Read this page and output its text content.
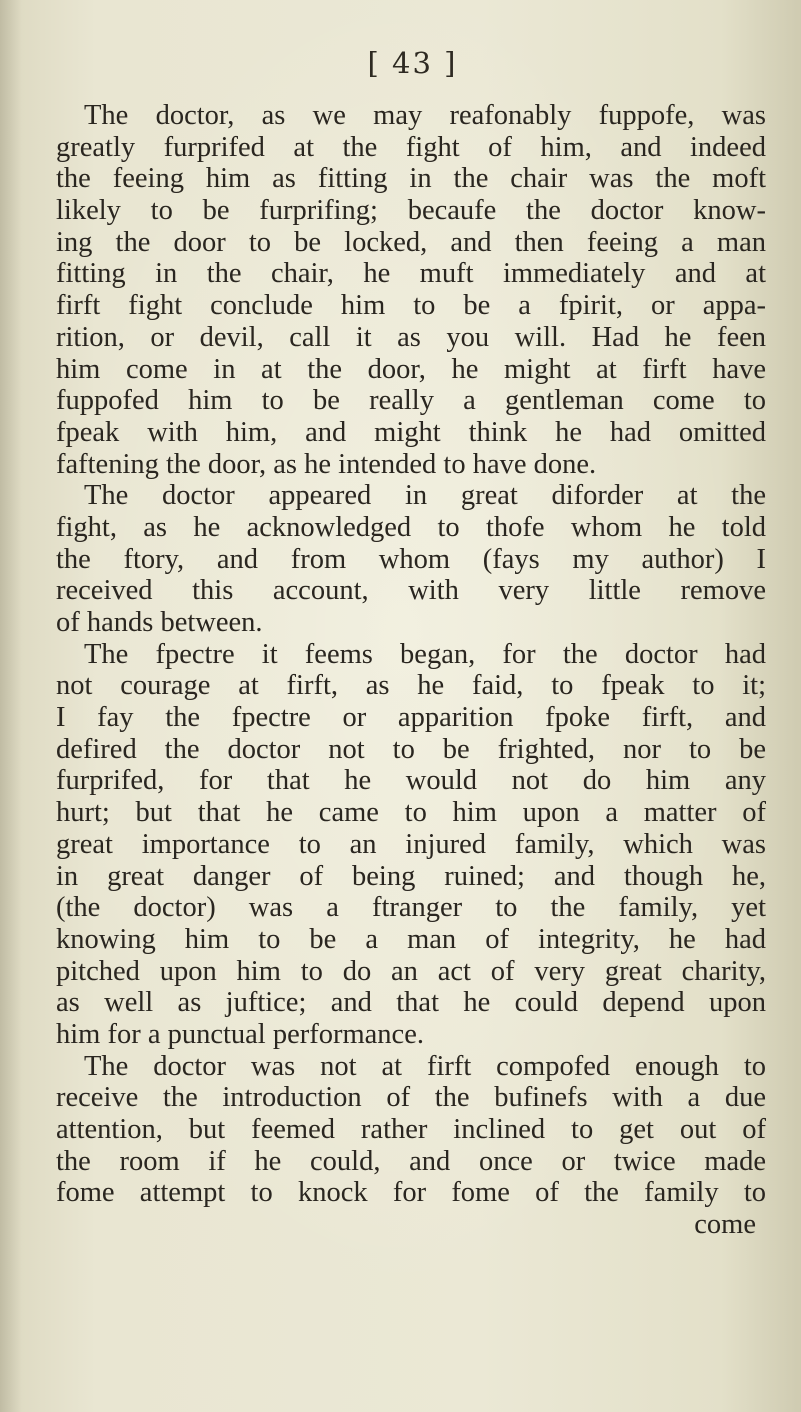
[ 43 ]

The doctor, as we may reafonably fuppofe, was
greatly furprifed at the fight of him, and indeed
the feeing him as fitting in the chair was the moft
likely to be furprifing; becaufe the doctor know-
ing the door to be locked, and then feeing a man
fitting in the chair, he muft immediately and at
firft fight conclude him to be a fpirit, or appa-
rition, or devil, call it as you will. Had he feen
him come in at the door, he might at firft have
fuppofed him to be really a gentleman come to
fpeak with him, and might think he had omitted
faftening the door, as he intended to have done.
The doctor appeared in great diforder at the
fight, as he acknowledged to thofe whom he told
the ftory, and from whom (fays my author) I
received this account, with very little remove
of hands between.
The fpectre it feems began, for the doctor had
not courage at firft, as he faid, to fpeak to it;
I fay the fpectre or apparition fpoke firft, and
defired the doctor not to be frighted, nor to be
furprifed, for that he would not do him any
hurt; but that he came to him upon a matter of
great importance to an injured family, which was
in great danger of being ruined; and though he,
(the doctor) was a ftranger to the family, yet
knowing him to be a man of integrity, he had
pitched upon him to do an act of very great charity,
as well as juftice; and that he could depend upon
him for a punctual performance.
The doctor was not at firft compofed enough to
receive the introduction of the bufinefs with a due
attention, but feemed rather inclined to get out of
the room if he could, and once or twice made
fome attempt to knock for fome of the family to
come
